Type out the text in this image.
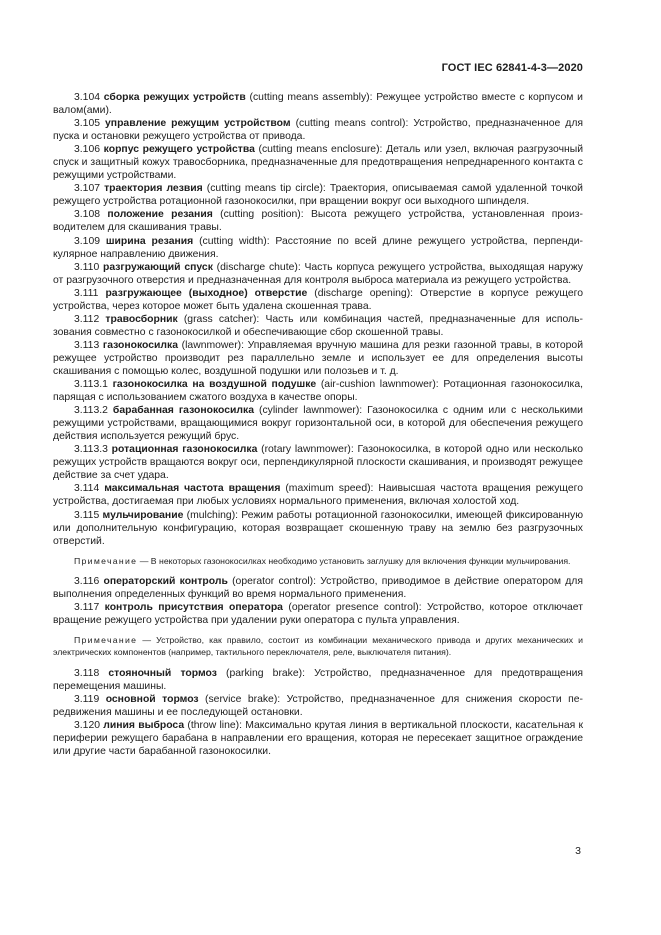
ГОСТ IEC 62841-4-3—2020

3.104 сборка режущих устройств (cutting means assembly): Режущее устройство вместе с корпусом и валом(ами).

3.105 управление режущим устройством (cutting means control): Устройство, предназначенное для пуска и остановки режущего устройства от привода.

3.106 корпус режущего устройства (cutting means enclosure): Деталь или узел, включая разгрузочный спуск и защитный кожух травосборника, предназначенные для предотвращения непреднаренного контакта с режущими устройствами.

3.107 траектория лезвия (cutting means tip circle): Траектория, описываемая самой удаленной точкой режущего устройства ротационной газонокосилки, при вращении вокруг оси выходного шпинделя.

3.108 положение резания (cutting position): Высота режущего устройства, установленная производителем для скашивания травы.

3.109 ширина резания (cutting width): Расстояние по всей длине режущего устройства, перпендикулярное направлению движения.

3.110 разгружающий спуск (discharge chute): Часть корпуса режущего устройства, выходящая наружу от разгрузочного отверстия и предназначенная для контроля выброса материала из режущего устройства.

3.111 разгружающее (выходное) отверстие (discharge opening): Отверстие в корпусе режущего устройства, через которое может быть удалена скошенная трава.

3.112 травосборник (grass catcher): Часть или комбинация частей, предназначенные для использования совместно с газонокосилкой и обеспечивающие сбор скошенной травы.

3.113 газонокосилка (lawnmower): Управляемая вручную машина для резки газонной травы, в которой режущее устройство производит рез параллельно земле и использует ее для определения высоты скашивания с помощью колес, воздушной подушки или полозьев и т. д.

3.113.1 газонокосилка на воздушной подушке (air-cushion lawnmower): Ротационная газонокосилка, парящая с использованием сжатого воздуха в качестве опоры.

3.113.2 барабанная газонокосилка (cylinder lawnmower): Газонокосилка с одним или с несколькими режущими устройствами, вращающимися вокруг горизонтальной оси, в которой для обеспечения режущего действия используется режущий брус.

3.113.3 ротационная газонокосилка (rotary lawnmower): Газонокосилка, в которой одно или несколько режущих устройств вращаются вокруг оси, перпендикулярной плоскости скашивания, и производят режущее действие за счет удара.

3.114 максимальная частота вращения (maximum speed): Наивысшая частота вращения режущего устройства, достигаемая при любых условиях нормального применения, включая холостой ход.

3.115 мульчирование (mulching): Режим работы ротационной газонокосилки, имеющей фиксированную или дополнительную конфигурацию, которая возвращает скошенную траву на землю без разгрузочных отверстий.

Примечание — В некоторых газонокосилках необходимо установить заглушку для включения функции мульчирования.

3.116 операторский контроль (operator control): Устройство, приводимое в действие оператором для выполнения определенных функций во время нормального применения.

3.117 контроль присутствия оператора (operator presence control): Устройство, которое отключает вращение режущего устройства при удалении руки оператора с пульта управления.

Примечание — Устройство, как правило, состоит из комбинации механического привода и других механических и электрических компонентов (например, тактильного переключателя, реле, выключателя питания).

3.118 стояночный тормоз (parking brake): Устройство, предназначенное для предотвращения перемещения машины.

3.119 основной тормоз (service brake): Устройство, предназначенное для снижения скорости передвижения машины и ее последующей остановки.

3.120 линия выброса (throw line): Максимально крутая линия в вертикальной плоскости, касательная к периферии режущего барабана в направлении его вращения, которая не пересекает защитное ограждение или другие части барабанной газонокосилки.

3
